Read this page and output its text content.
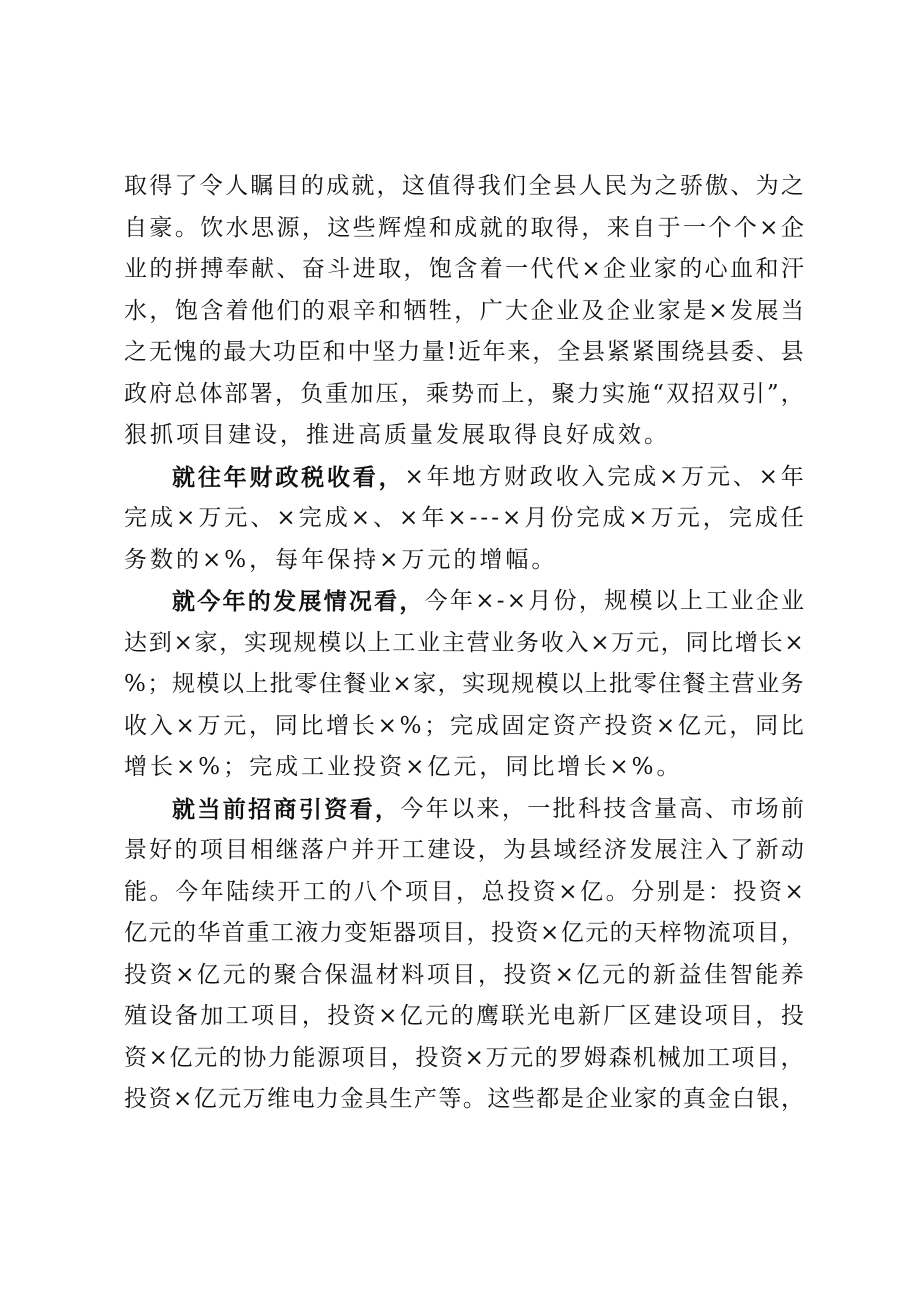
取 得 了 令 人 瞩 目 的 成 就 ， 这 值 得 我 们 全 县 人 民 为 之 骄 傲 、 为 之
自 豪 。 饮 水 思 源 ， 这 些 辉 煌 和 成 就 的 取 得 ， 来 自 于 一 个 个 × 企
业 的 拼 搏 奉 献 、 奋 斗 进 取 ， 饱 含 着 一 代 代 × 企 业 家 的 心 血 和 汗
水 ， 饱 含 着 他 们 的 艰 辛 和 牺 牲 ， 广 大 企 业 及 企 业 家 是 × 发 展 当
之 无 愧 的 最 大 功 臣 和 中 坚 力 量 ! 近 年 来 ， 全 县 紧 紧 围 绕 县 委 、 县
政 府 总 体 部 署 ， 负 重 加 压 ， 乘 势 而 上 ， 聚 力 实 施 “ 双 招 双 引 ” ，
狠抓项目建设，推进高质量发展取得良好成效。
就 往 年 财 政 税 收 看 ， × 年 地 方 财 政 收 入 完 成 × 万 元 、 × 年
完 成 × 万 元 、 × 完 成 × 、 × 年 × - - - × 月 份 完 成 × 万 元 ， 完 成 任
务数的×%，每年保持×万元的增幅。
就 今 年 的 发 展 情 况 看 ， 今 年 × - × 月 份 ， 规 模 以 上 工 业 企 业
达 到 × 家 ， 实 现 规 模 以 上 工 业 主 营 业 务 收 入 × 万 元 ， 同 比 增 长 ×
% ； 规 模 以 上 批 零 住 餐 业 × 家 ， 实 现 规 模 以 上 批 零 住 餐 主 营 业 务
收 入 × 万 元 ， 同 比 增 长 × % ； 完 成 固 定 资 产 投 资 × 亿 元 ， 同 比
增长×%；完成工业投资×亿元，同比增长×%。
就 当 前 招 商 引 资 看 ， 今 年 以 来 ， 一 批 科 技 含 量 高 、 市 场 前
景 好 的 项 目 相 继 落 户 并 开 工 建 设 ， 为 县 域 经 济 发 展 注 入 了 新 动
能 。 今 年 陆 续 开 工 的 八 个 项 目 ， 总 投 资 × 亿 。 分 别 是 ： 投 资 ×
亿 元 的 华 首 重 工 液 力 变 矩 器 项 目 ， 投 资 × 亿 元 的 天 梓 物 流 项 目 ，
投 资 × 亿 元 的 聚 合 保 温 材 料 项 目 ， 投 资 × 亿 元 的 新 益 佳 智 能 养
殖 设 备 加 工 项 目 ， 投 资 × 亿 元 的 鹰 联 光 电 新 厂 区 建 设 项 目 ， 投
资 × 亿 元 的 协 力 能 源 项 目 ， 投 资 × 万 元 的 罗 姆 森 机 械 加 工 项 目 ，
投 资 × 亿 元 万 维 电 力 金 具 生 产 等 。 这 些 都 是 企 业 家 的 真 金 白 银 ，
